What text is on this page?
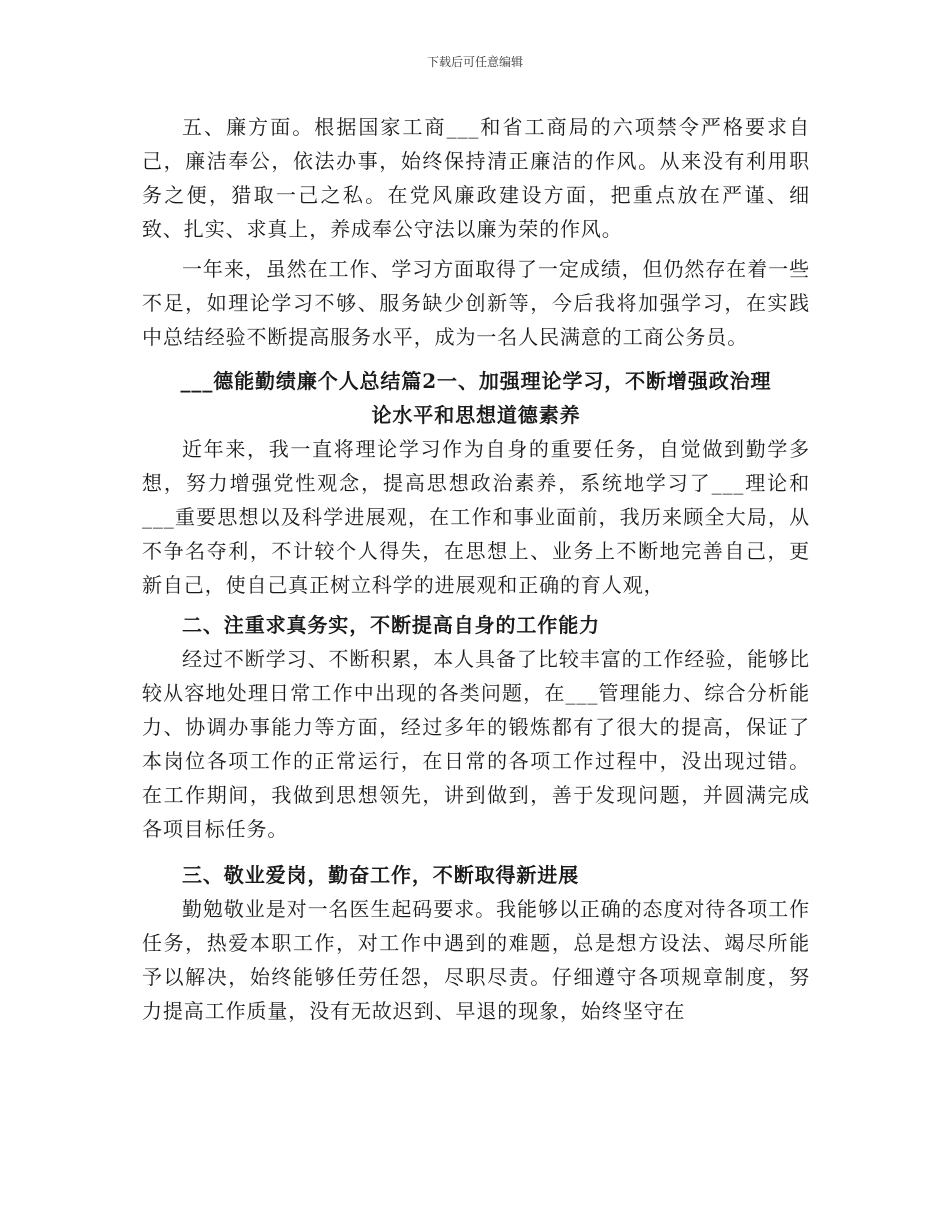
下载后可任意编辑

五、廉方面。根据国家工商___和省工商局的六项禁令严格要求自己，廉洁奉公，依法办事，始终保持清正廉洁的作风。从来没有利用职务之便，猎取一己之私。在党风廉政建设方面，把重点放在严谨、细致、扎实、求真上，养成奉公守法以廉为荣的作风。

一年来，虽然在工作、学习方面取得了一定成绩，但仍然存在着一些不足，如理论学习不够、服务缺少创新等，今后我将加强学习，在实践中总结经验不断提高服务水平，成为一名人民满意的工商公务员。

___德能勤绩廉个人总结篇2一、加强理论学习，不断增强政治理
论水平和思想道德素养

近年来，我一直将理论学习作为自身的重要任务，自觉做到勤学多想，努力增强党性观念，提高思想政治素养，系统地学习了___理论和___重要思想以及科学进展观，在工作和事业面前，我历来顾全大局，从不争名夺利，不计较个人得失，在思想上、业务上不断地完善自己，更新自己，使自己真正树立科学的进展观和正确的育人观，

二、注重求真务实，不断提高自身的工作能力

经过不断学习、不断积累，本人具备了比较丰富的工作经验，能够比较从容地处理日常工作中出现的各类问题，在___管理能力、综合分析能力、协调办事能力等方面，经过多年的锻炼都有了很大的提高，保证了本岗位各项工作的正常运行，在日常的各项工作过程中，没出现过错。在工作期间，我做到思想领先，讲到做到，善于发现问题，并圆满完成各项目标任务。

三、敬业爱岗，勤奋工作，不断取得新进展

勤勉敬业是对一名医生起码要求。我能够以正确的态度对待各项工作任务，热爱本职工作，对工作中遇到的难题，总是想方设法、竭尽所能予以解决，始终能够任劳任怨，尽职尽责。仔细遵守各项规章制度，努力提高工作质量，没有无故迟到、早退的现象，始终坚守在
